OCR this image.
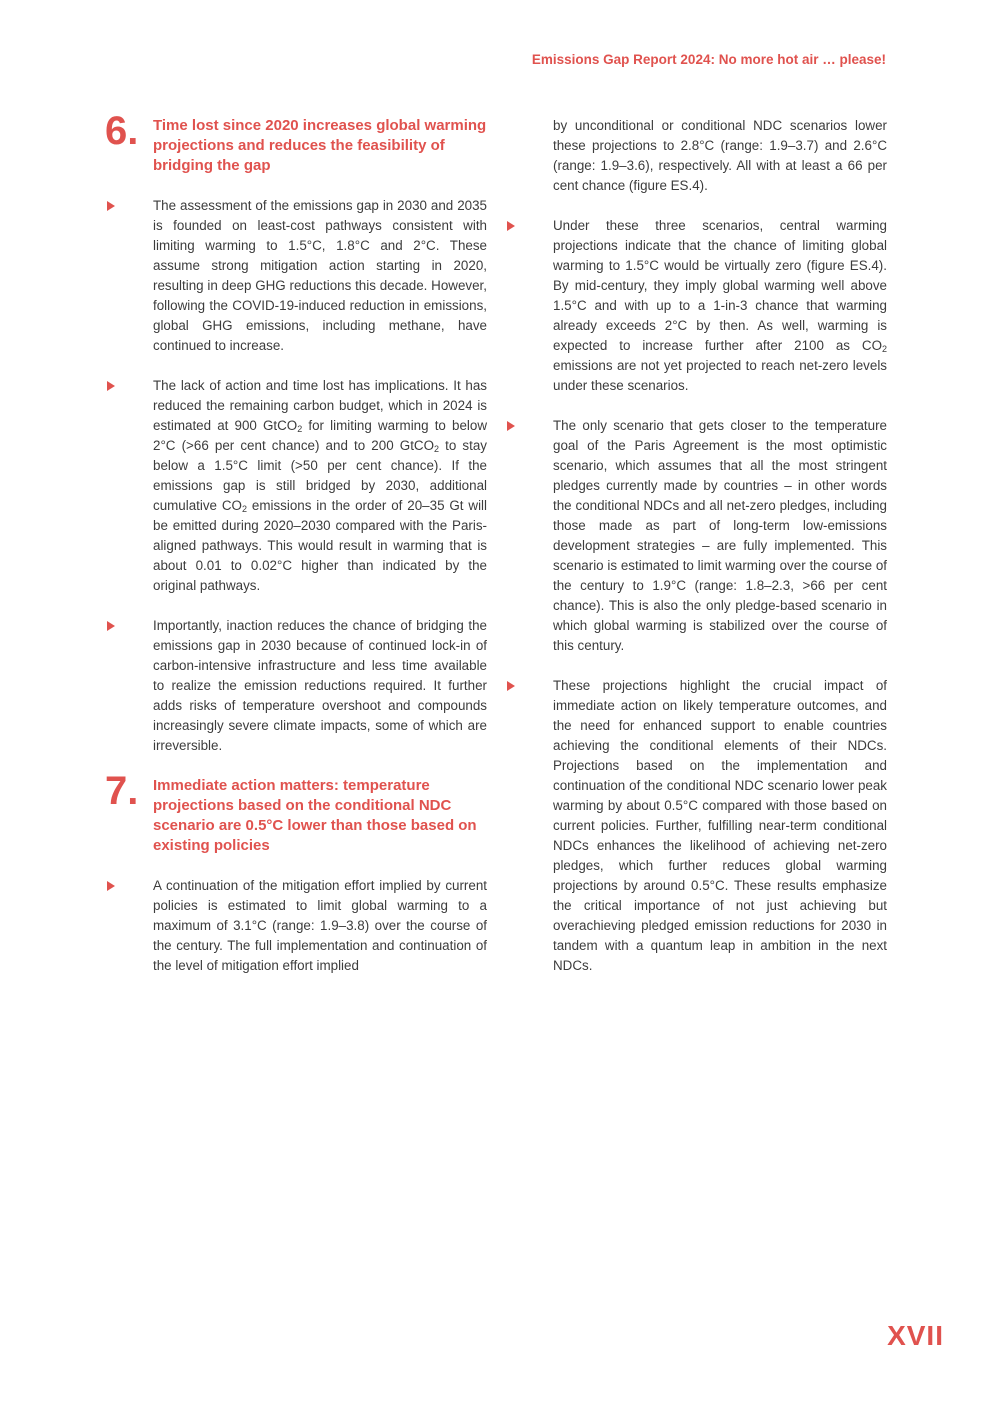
Emissions Gap Report 2024: No more hot air … please!
6. Time lost since 2020 increases global warming projections and reduces the feasibility of bridging the gap

The assessment of the emissions gap in 2030 and 2035 is founded on least-cost pathways consistent with limiting warming to 1.5°C, 1.8°C and 2°C. These assume strong mitigation action starting in 2020, resulting in deep GHG reductions this decade. However, following the COVID-19-induced reduction in emissions, global GHG emissions, including methane, have continued to increase.

The lack of action and time lost has implications. It has reduced the remaining carbon budget, which in 2024 is estimated at 900 GtCO$_2$ for limiting warming to below 2°C (>66 per cent chance) and to 200 GtCO$_2$ to stay below a 1.5°C limit (>50 per cent chance). If the emissions gap is still bridged by 2030, additional cumulative $CO_2$ emissions in the order of 20–35 Gt will be emitted during 2020–2030 compared with the Paris-aligned pathways. This would result in warming that is about 0.01 to 0.02°C higher than indicated by the original pathways.

Importantly, inaction reduces the chance of bridging the emissions gap in 2030 because of continued lock-in of carbon-intensive infrastructure and less time available to realize the emission reductions required. It further adds risks of temperature overshoot and compounds increasingly severe climate impacts, some of which are irreversible.

7. Immediate action matters: temperature projections based on the conditional NDC scenario are 0.5°C lower than those based on existing policies

A continuation of the mitigation effort implied by current policies is estimated to limit global warming to a maximum of 3.1°C (range: 1.9–3.8) over the course of the century. The full implementation and continuation of the level of mitigation effort implied

by unconditional or conditional NDC scenarios lower these projections to 2.8°C (range: 1.9–3.7) and 2.6°C (range: 1.9–3.6), respectively. All with at least a 66 per cent chance (figure ES.4).

Under these three scenarios, central warming projections indicate that the chance of limiting global warming to 1.5°C would be virtually zero (figure ES.4). By mid-century, they imply global warming well above 1.5°C and with up to a 1-in-3 chance that warming already exceeds 2°C by then. As well, warming is expected to increase further after 2100 as $CO_2$ emissions are not yet projected to reach net-zero levels under these scenarios.

The only scenario that gets closer to the temperature goal of the Paris Agreement is the most optimistic scenario, which assumes that all the most stringent pledges currently made by countries – in other words the conditional NDCs and all net-zero pledges, including those made as part of long-term low-emissions development strategies – are fully implemented. This scenario is estimated to limit warming over the course of the century to 1.9°C (range: 1.8–2.3, >66 per cent chance). This is also the only pledge-based scenario in which global warming is stabilized over the course of this century.

These projections highlight the crucial impact of immediate action on likely temperature outcomes, and the need for enhanced support to enable countries achieving the conditional elements of their NDCs. Projections based on the implementation and continuation of the conditional NDC scenario lower peak warming by about 0.5°C compared with those based on current policies. Further, fulfilling near-term conditional NDCs enhances the likelihood of achieving net-zero pledges, which further reduces global warming projections by around 0.5°C. These results emphasize the critical importance of not just achieving but overachieving pledged emission reductions for 2030 in tandem with a quantum leap in ambition in the next NDCs.

XVII
